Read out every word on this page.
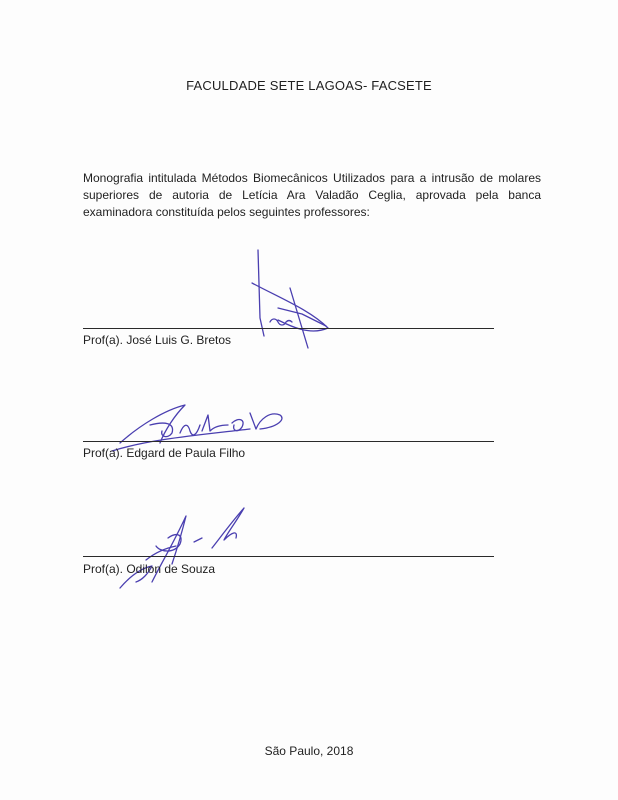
FACULDADE SETE LAGOAS- FACSETE
Monografia intitulada Métodos Biomecânicos Utilizados para a intrusão de molares superiores de autoria de Letícia Ara Valadão Ceglia, aprovada pela banca examinadora constituída pelos seguintes professores:
Prof(a). José Luis G. Bretos
Prof(a). Edgard de Paula Filho
Prof(a). Odilon de Souza
São Paulo, 2018
